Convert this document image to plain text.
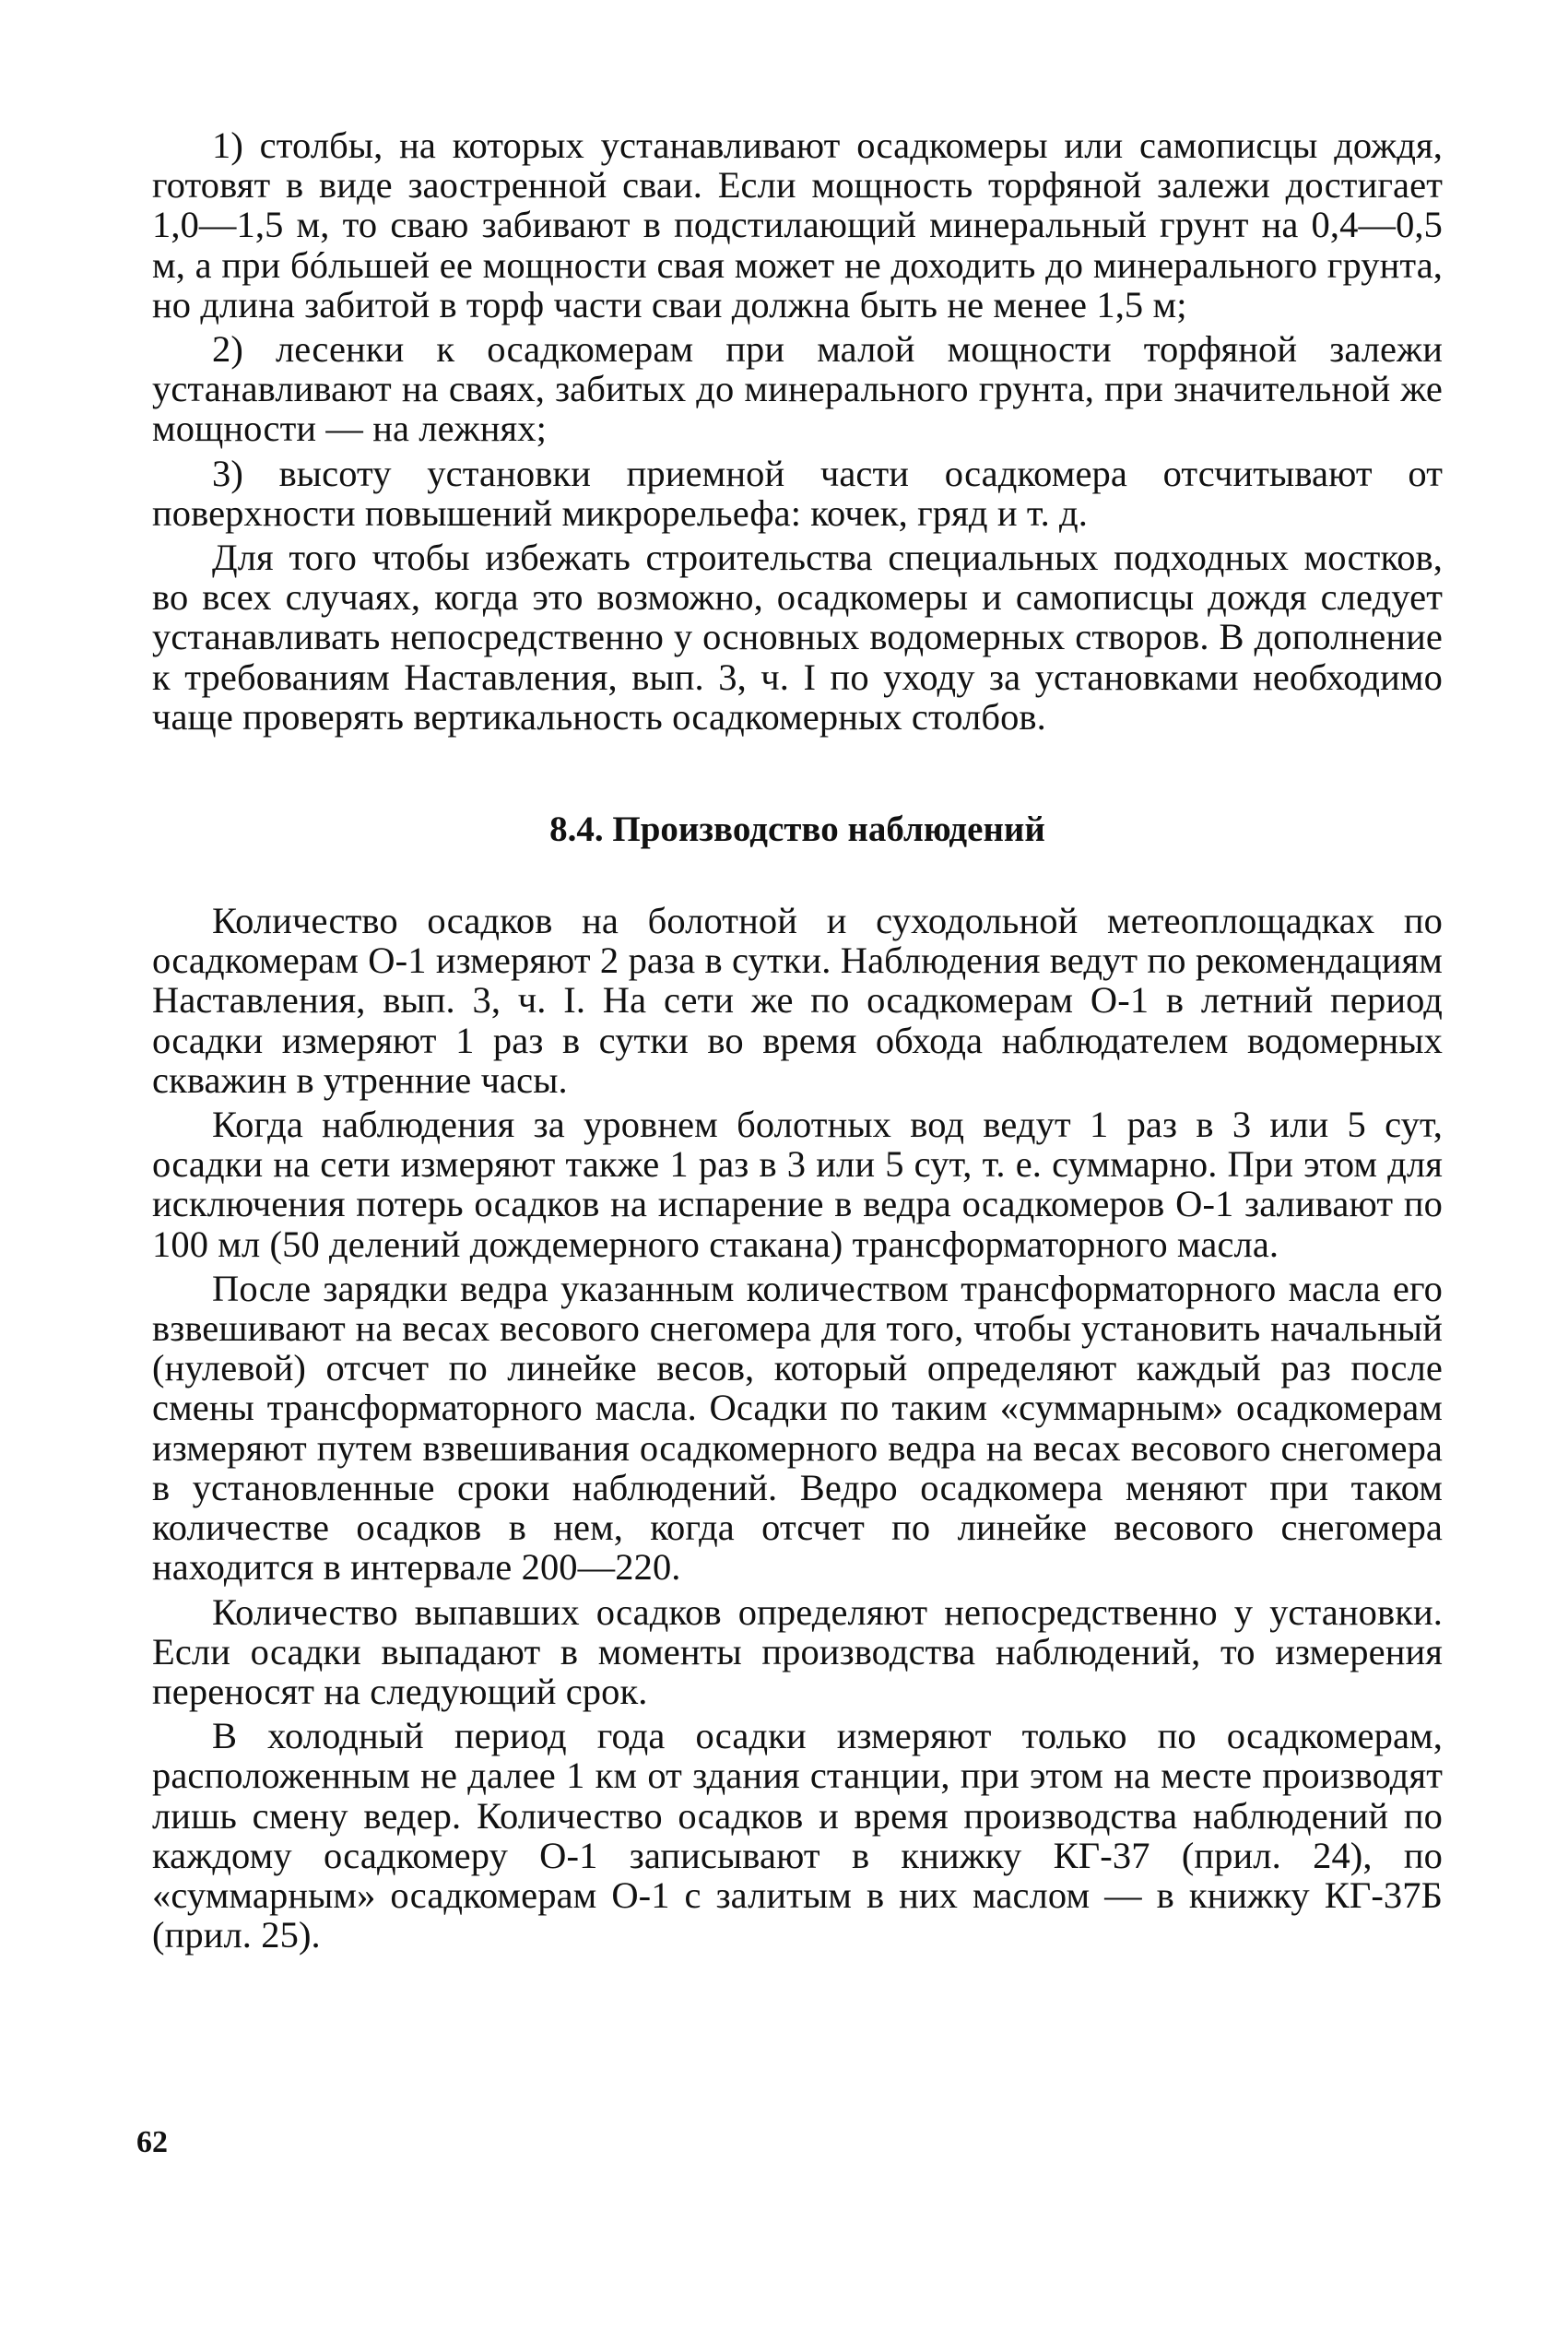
1) столбы, на которых устанавливают осадкомеры или самописцы дождя, готовят в виде заостренной сваи. Если мощность торфяной залежи достигает 1,0—1,5 м, то сваю забивают в подстилающий минеральный грунт на 0,4—0,5 м, а при бóльшей ее мощности свая может не доходить до минерального грунта, но длина забитой в торф части сваи должна быть не менее 1,5 м;

2) лесенки к осадкомерам при малой мощности торфяной залежи устанавливают на сваях, забитых до минерального грунта, при значительной же мощности — на лежнях;

3) высоту установки приемной части осадкомера отсчитывают от поверхности повышений микрорельефа: кочек, гряд и т. д.

Для того чтобы избежать строительства специальных подходных мостков, во всех случаях, когда это возможно, осадкомеры и самописцы дождя следует устанавливать непосредственно у основных водомерных створов. В дополнение к требованиям Наставления, вып. 3, ч. I по уходу за установками необходимо чаще проверять вертикальность осадкомерных столбов.

8.4. Производство наблюдений

Количество осадков на болотной и суходольной метеоплощадках по осадкомерам О-1 измеряют 2 раза в сутки. Наблюдения ведут по рекомендациям Наставления, вып. 3, ч. I. На сети же по осадкомерам О-1 в летний период осадки измеряют 1 раз в сутки во время обхода наблюдателем водомерных скважин в утренние часы.

Когда наблюдения за уровнем болотных вод ведут 1 раз в 3 или 5 сут, осадки на сети измеряют также 1 раз в 3 или 5 сут, т. е. суммарно. При этом для исключения потерь осадков на испарение в ведра осадкомеров О-1 заливают по 100 мл (50 делений дождемерного стакана) трансформаторного масла.

После зарядки ведра указанным количеством трансформаторного масла его взвешивают на весах весового снегомера для того, чтобы установить начальный (нулевой) отсчет по линейке весов, который определяют каждый раз после смены трансформаторного масла. Осадки по таким «суммарным» осадкомерам измеряют путем взвешивания осадкомерного ведра на весах весового снегомера в установленные сроки наблюдений. Ведро осадкомера меняют при таком количестве осадков в нем, когда отсчет по линейке весового снегомера находится в интервале 200—220.

Количество выпавших осадков определяют непосредственно у установки. Если осадки выпадают в моменты производства наблюдений, то измерения переносят на следующий срок.

В холодный период года осадки измеряют только по осадкомерам, расположенным не далее 1 км от здания станции, при этом на месте производят лишь смену ведер. Количество осадков и время производства наблюдений по каждому осадкомеру О-1 записывают в книжку КГ-37 (прил. 24), по «суммарным» осадкомерам О-1 с залитым в них маслом — в книжку КГ-37Б (прил. 25).

62
